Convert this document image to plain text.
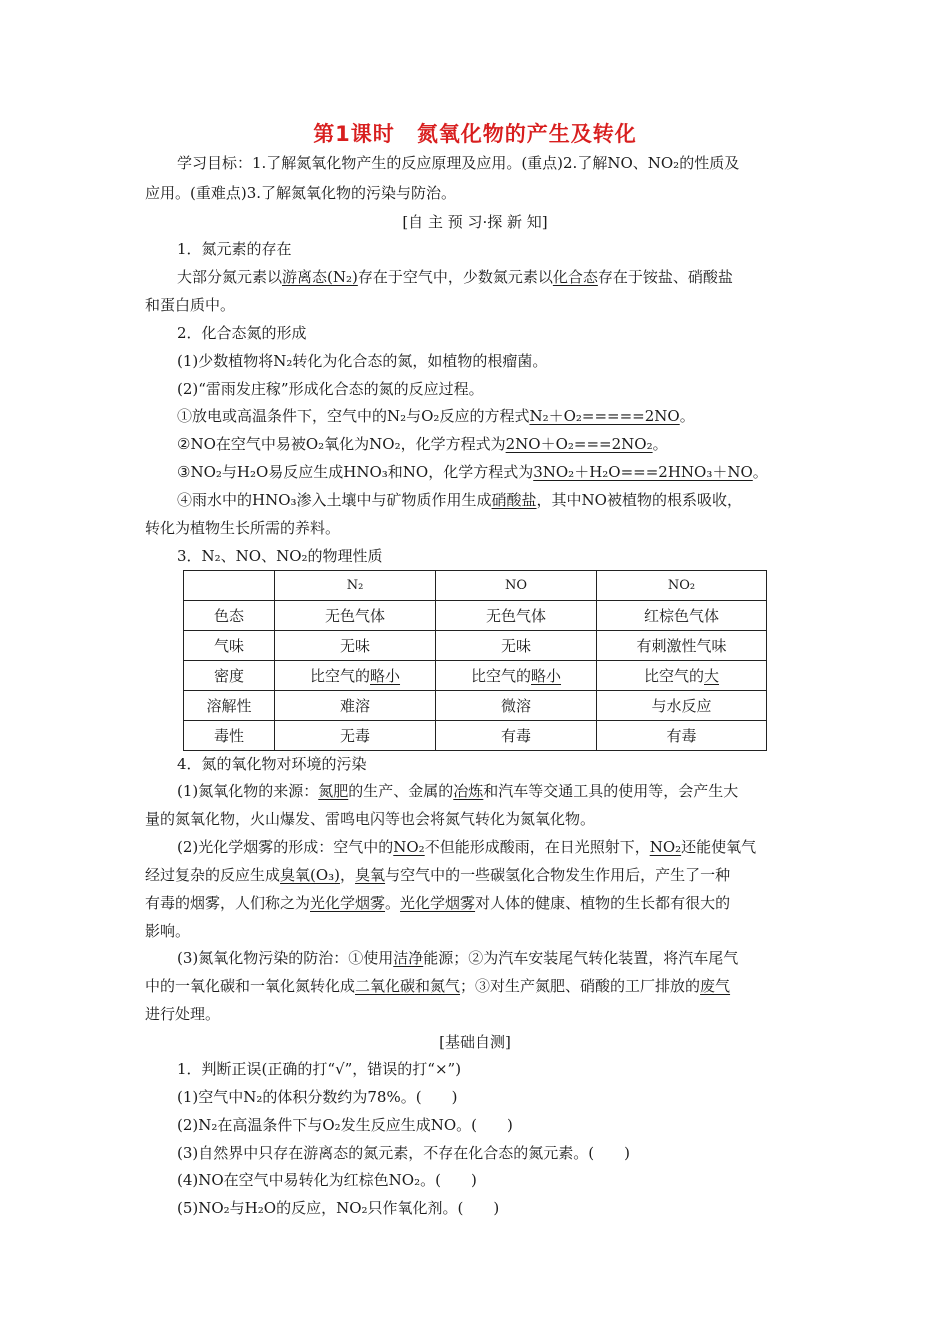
第1课时 氮氧化物的产生及转化
学习目标：1.了解氮氧化物产生的反应原理及应用。(重点)2.了解NO、NO₂的性质及
应用。(重难点)3.了解氮氧化物的污染与防治。
[自 主 预 习·探 新 知]
1．氮元素的存在
大部分氮元素以游离态(N₂)存在于空气中，少数氮元素以化合态存在于铵盐、硝酸盐
和蛋白质中。
2．化合态氮的形成
(1)少数植物将N₂转化为化合态的氮，如植物的根瘤菌。
(2)“雷雨发庄稼”形成化合态的氮的反应过程。
①放电或高温条件下，空气中的N₂与O₂反应的方程式N₂＋O₂=====2NO。
②NO在空气中易被O₂氧化为NO₂，化学方程式为2NO＋O₂===2NO₂。
③NO₂与H₂O易反应生成HNO₃和NO，化学方程式为3NO₂＋H₂O===2HNO₃＋NO。
④雨水中的HNO₃渗入土壤中与矿物质作用生成硝酸盐，其中NO被植物的根系吸收，
转化为植物生长所需的养料。
3．N₂、NO、NO₂的物理性质
	N₂	NO	NO₂
色态	无色气体	无色气体	红棕色气体
气味	无味	无味	有刺激性气味
密度	比空气的略小	比空气的略小	比空气的大
溶解性	难溶	微溶	与水反应
毒性	无毒	有毒	有毒
4．氮的氧化物对环境的污染
(1)氮氧化物的来源：氮肥的生产、金属的冶炼和汽车等交通工具的使用等，会产生大
量的氮氧化物，火山爆发、雷鸣电闪等也会将氮气转化为氮氧化物。
(2)光化学烟雾的形成：空气中的NO₂不但能形成酸雨，在日光照射下，NO₂还能使氧气
经过复杂的反应生成臭氧(O₃)，臭氧与空气中的一些碳氢化合物发生作用后，产生了一种
有毒的烟雾，人们称之为光化学烟雾。光化学烟雾对人体的健康、植物的生长都有很大的
影响。
(3)氮氧化物污染的防治：①使用洁净能源；②为汽车安装尾气转化装置，将汽车尾气
中的一氧化碳和一氧化氮转化成二氧化碳和氮气；③对生产氮肥、硝酸的工厂排放的废气
进行处理。
[基础自测]
1．判断正误(正确的打“√”，错误的打“×”)
(1)空气中N₂的体积分数约为78%。(　　)
(2)N₂在高温条件下与O₂发生反应生成NO。(　　)
(3)自然界中只存在游离态的氮元素，不存在化合态的氮元素。(　　)
(4)NO在空气中易转化为红棕色NO₂。(　　)
(5)NO₂与H₂O的反应，NO₂只作氧化剂。(　　)
